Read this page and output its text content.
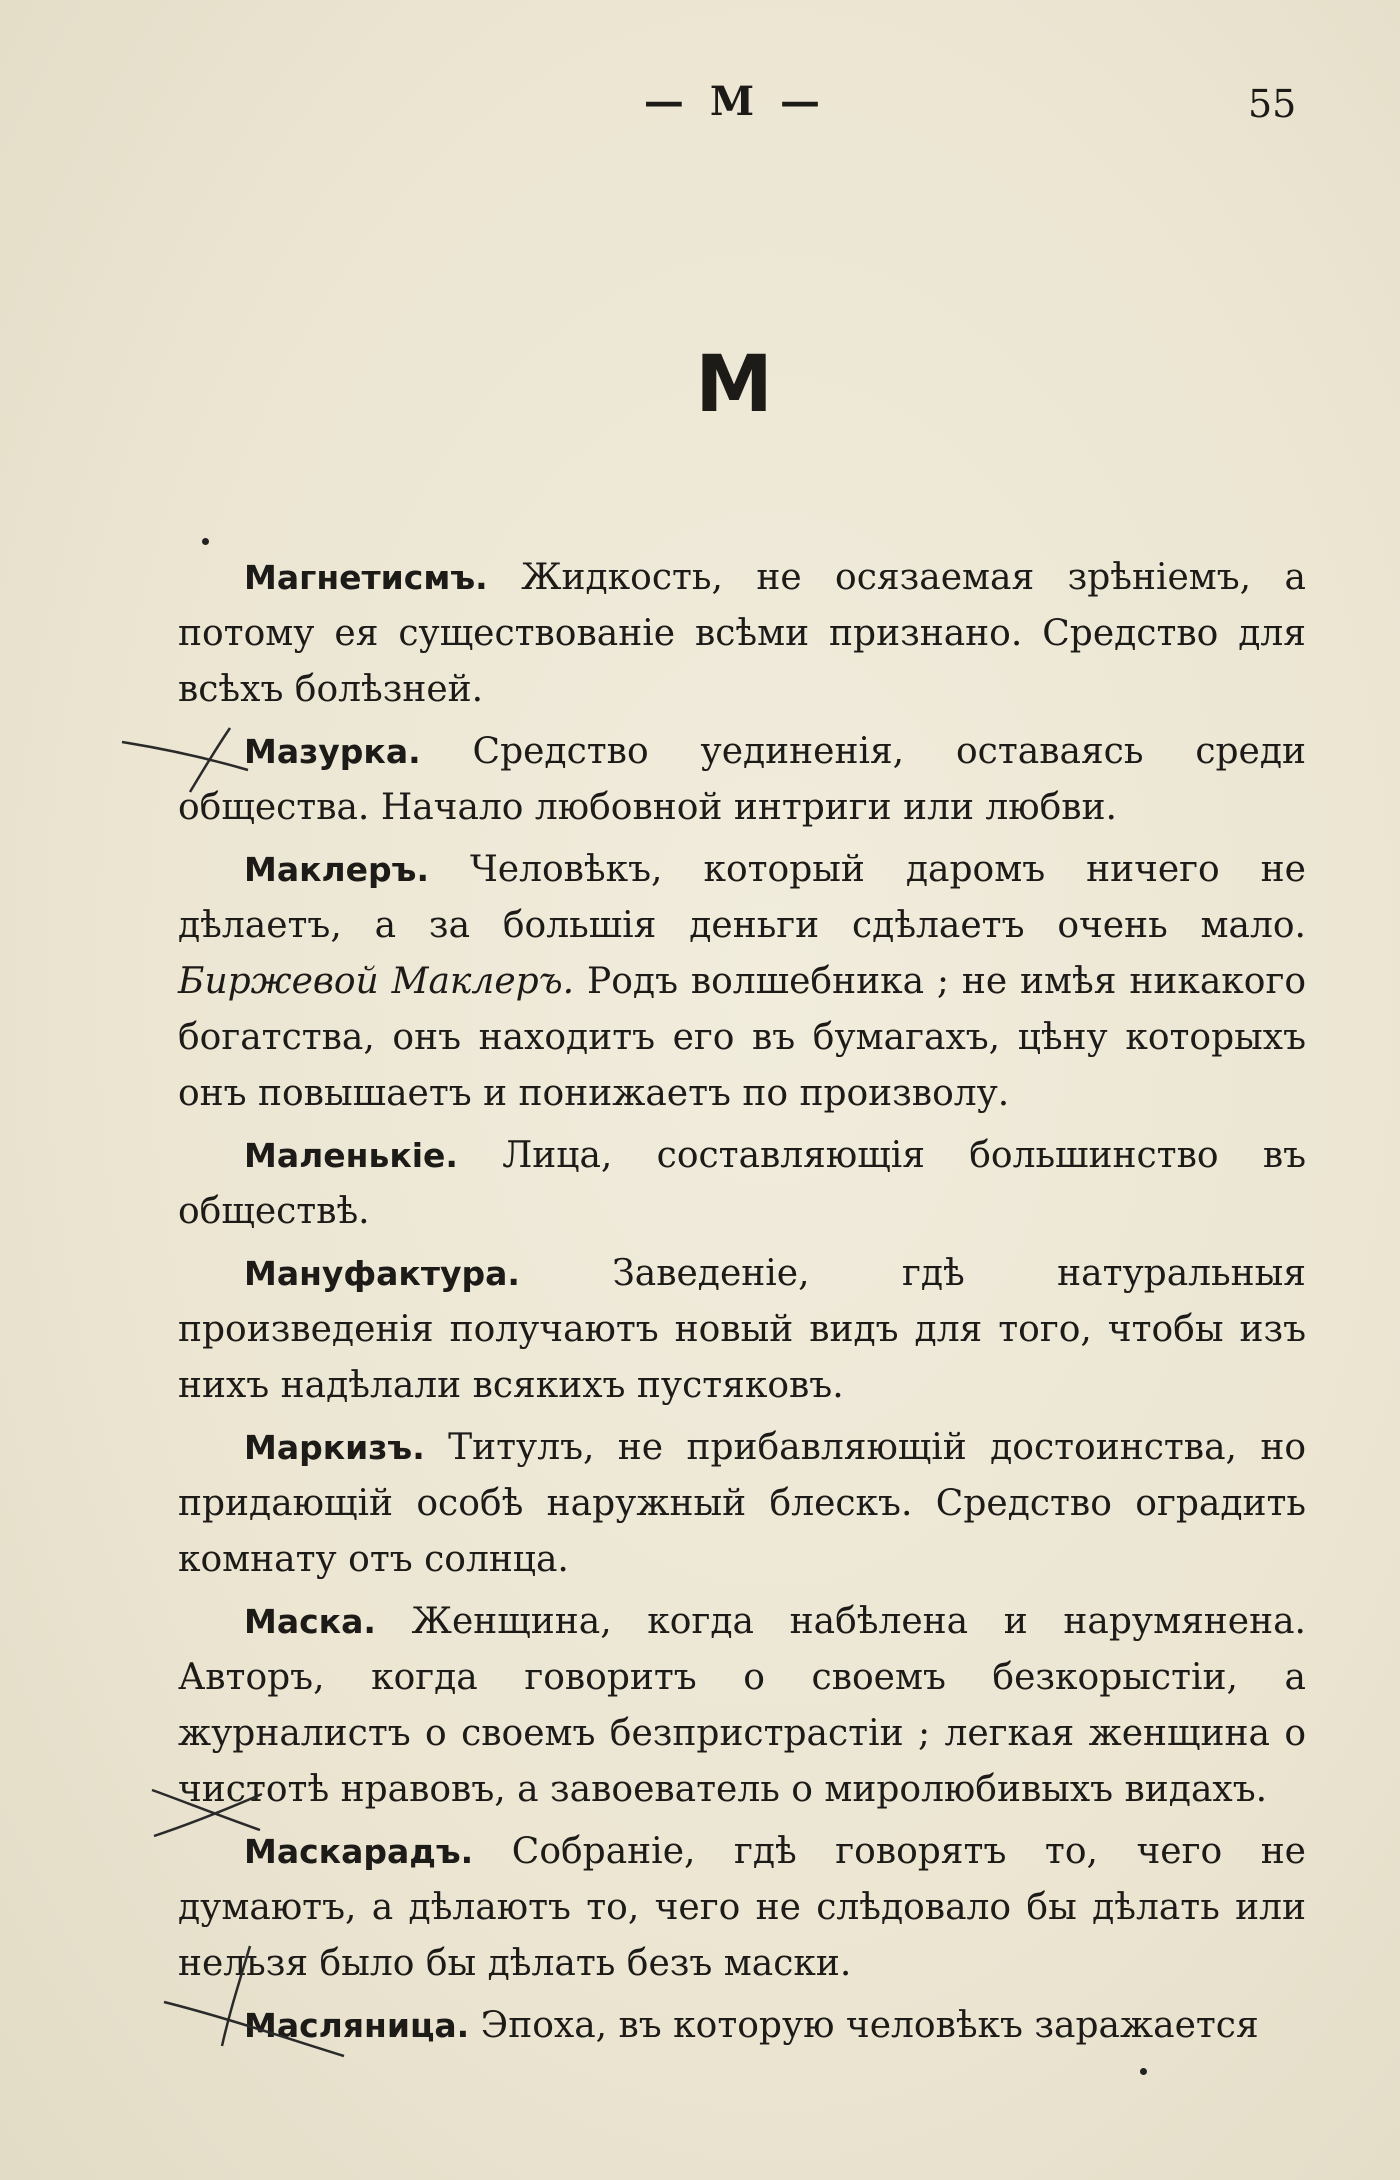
— М —	55
М

Магнетисмъ. Жидкость, не осязаемая зрѣніемъ, а потому ея существованіе всѣми признано. Средство для всѣхъ болѣзней.

Мазурка. Средство уединенія, оставаясь среди общества. Начало любовной интриги или любви.

Маклеръ. Человѣкъ, который даромъ ничего не дѣлаетъ, а за большія деньги сдѣлаетъ очень мало. Биржевой Маклеръ. Родъ волшебника ; не имѣя никакого богатства, онъ находитъ его въ бумагахъ, цѣну которыхъ онъ повышаетъ и понижаетъ по произволу.

Маленькіе. Лица, составляющія большинство въ обществѣ.

Мануфактура.	Заведеніе, гдѣ натуральныя произведенія получаютъ новый видъ для того, чтобы изъ нихъ надѣлали всякихъ пустяковъ.

Маркизъ. Титулъ, не прибавляющій достоинства, но придающій особѣ наружный блескъ. Средство оградить комнату отъ солнца.

Маска. Женщина, когда набѣлена и нарумянена. Авторъ, когда говоритъ о своемъ безкорыстіи, а журналистъ о своемъ безпристрастіи ; легкая женщина о чистотѣ нравовъ, а завоеватель о миролюбивыхъ видахъ.

Маскарадъ. Собраніе, гдѣ говорятъ то, чего не думаютъ, а дѣлаютъ то, чего не слѣдовало бы дѣлать или нельзя было бы дѣлать безъ маски.

Масляница. Эпоха, въ которую человѣкъ заражается
